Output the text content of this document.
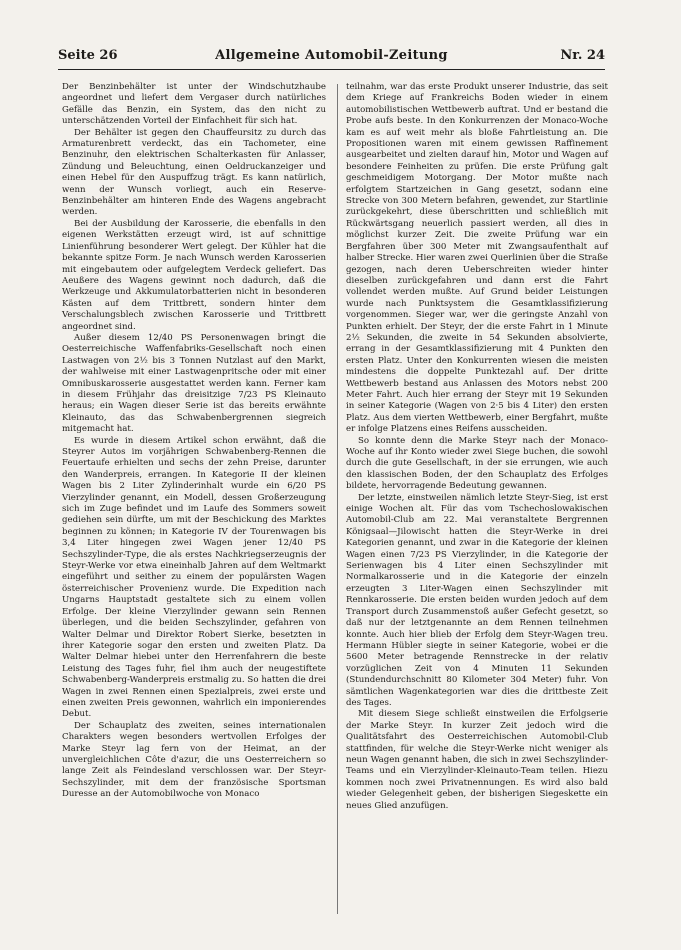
Seite 26	Allgemeine Automobil-Zeitung	Nr. 24

Der Benzinbehälter ist unter der Windschutzhaube angeordnet und liefert dem Vergaser durch natürliches Gefälle das Benzin, ein System, das den nicht zu unterschätzenden Vorteil der Einfachheit für sich hat.

Der Behälter ist gegen den Chauffeursitz zu durch das Armaturenbrett verdeckt, das ein Tachometer, eine Benzinuhr, den elektrischen Schalterkasten für Anlasser, Zündung und Beleuchtung, einen Oeldruckanzeiger und einen Hebel für den Auspuffzug trägt. Es kann natürlich, wenn der Wunsch vorliegt, auch ein Reserve-Benzinbehälter am hinteren Ende des Wagens angebracht werden.

Bei der Ausbildung der Karosserie, die ebenfalls in den eigenen Werkstätten erzeugt wird, ist auf schnittige Linienführung besonderer Wert gelegt. Der Kühler hat die bekannte spitze Form. Je nach Wunsch werden Karosserien mit eingebautem oder aufgelegtem Verdeck geliefert. Das Aeußere des Wagens gewinnt noch dadurch, daß die Werkzeuge und Akkumulatorbatterien nicht in besonderen Kästen auf dem Trittbrett, sondern hinter dem Verschalungsblech zwischen Karosserie und Trittbrett angeordnet sind.

Außer diesem 12/40 PS Personenwagen bringt die Oesterreichische Waffenfabriks-Gesellschaft noch einen Lastwagen von 2½ bis 3 Tonnen Nutzlast auf den Markt, der wahlweise mit einer Lastwagenpritsche oder mit einer Omnibuskarosserie ausgestattet werden kann. Ferner kam in diesem Frühjahr das dreisitzige 7/23 PS Kleinauto heraus; ein Wagen dieser Serie ist das bereits erwähnte Kleinauto, das das Schwabenbergrennen siegreich mitgemacht hat.

Es wurde in diesem Artikel schon erwähnt, daß die Steyrer Autos im vorjährigen Schwabenberg-Rennen die Feuertaufe erhielten und sechs der zehn Preise, darunter den Wanderpreis, errangen. In Kategorie II der kleinen Wagen bis 2 Liter Zylinderinhalt wurde ein 6/20 PS Vierzylinder genannt, ein Modell, dessen Großerzeugung sich im Zuge befindet und im Laufe des Sommers soweit gediehen sein dürfte, um mit der Beschickung des Marktes beginnen zu können; in Kategorie IV der Tourenwagen bis 3,4 Liter hingegen zwei Wagen jener 12/40 PS Sechszylinder-Type, die als erstes Nachkriegserzeugnis der Steyr-Werke vor etwa eineinhalb Jahren auf dem Weltmarkt eingeführt und seither zu einem der populärsten Wagen österreichischer Provenienz wurde. Die Expedition nach Ungarns Hauptstadt gestaltete sich zu einem vollen Erfolge. Der kleine Vierzylinder gewann sein Rennen überlegen, und die beiden Sechszylinder, gefahren von Walter Delmar und Direktor Robert Sierke, besetzten in ihrer Kategorie sogar den ersten und zweiten Platz. Da Walter Delmar hiebei unter den Herrenfahrern die beste Leistung des Tages fuhr, fiel ihm auch der neugestiftete Schwabenberg-Wanderpreis erstmalig zu. So hatten die drei Wagen in zwei Rennen einen Spezialpreis, zwei erste und einen zweiten Preis gewonnen, wahrlich ein imponierendes Debut.

Der Schauplatz des zweiten, seines internationalen Charakters wegen besonders wertvollen Erfolges der Marke Steyr lag fern von der Heimat, an der unvergleichlichen Côte d'azur, die uns Oesterreichern so lange Zeit als Feindesland verschlossen war. Der Steyr-Sechszylinder, mit dem der französische Sportsman Duresse an der Automobilwoche von Monaco

teilnahm, war das erste Produkt unserer Industrie, das seit dem Kriege auf Frankreichs Boden wieder in einem automobilistischen Wettbewerb auftrat. Und er bestand die Probe aufs beste. In den Konkurrenzen der Monaco-Woche kam es auf weit mehr als bloße Fahrtleistung an. Die Propositionen waren mit einem gewissen Raffinement ausgearbeitet und zielten darauf hin, Motor und Wagen auf besondere Feinheiten zu prüfen. Die erste Prüfung galt geschmeidigem Motorgang. Der Motor mußte nach erfolgtem Startzeichen in Gang gesetzt, sodann eine Strecke von 300 Metern befahren, gewendet, zur Startlinie zurückgekehrt, diese überschritten und schließlich mit Rückwärtsgang neuerlich passiert werden, all dies in möglichst kurzer Zeit. Die zweite Prüfung war ein Bergfahren über 300 Meter mit Zwangsaufenthalt auf halber Strecke. Hier waren zwei Querlinien über die Straße gezogen, nach deren Ueberschreiten wieder hinter dieselben zurückgefahren und dann erst die Fahrt vollendet werden mußte. Auf Grund beider Leistungen wurde nach Punktsystem die Gesamtklassifizierung vorgenommen. Sieger war, wer die geringste Anzahl von Punkten erhielt. Der Steyr, der die erste Fahrt in 1 Minute 2½ Sekunden, die zweite in 54 Sekunden absolvierte, errang in der Gesamtklassifizierung mit 4 Punkten den ersten Platz. Unter den Konkurrenten wiesen die meisten mindestens die doppelte Punktezahl auf. Der dritte Wettbewerb bestand aus Anlassen des Motors nebst 200 Meter Fahrt. Auch hier errang der Steyr mit 19 Sekunden in seiner Kategorie (Wagen von 2·5 bis 4 Liter) den ersten Platz. Aus dem vierten Wettbewerb, einer Bergfahrt, mußte er infolge Platzens eines Reifens ausscheiden.

So konnte denn die Marke Steyr nach der Monaco-Woche auf ihr Konto wieder zwei Siege buchen, die sowohl durch die gute Gesellschaft, in der sie errungen, wie auch den klassischen Boden, der den Schauplatz des Erfolges bildete, hervorragende Bedeutung gewannen.

Der letzte, einstweilen nämlich letzte Steyr-Sieg, ist erst einige Wochen alt. Für das vom Tschechoslowakischen Automobil-Club am 22. Mai veranstaltete Bergrennen Königsaal—Jilowischt hatten die Steyr-Werke in drei Kategorien genannt, und zwar in die Kategorie der kleinen Wagen einen 7/23 PS Vierzylinder, in die Kategorie der Serienwagen bis 4 Liter einen Sechszylinder mit Normalkarosserie und in die Kategorie der einzeln erzeugten 3 Liter-Wagen einen Sechszylinder mit Rennkarosserie. Die ersten beiden wurden jedoch auf dem Transport durch Zusammenstoß außer Gefecht gesetzt, so daß nur der letztgenannte an dem Rennen teilnehmen konnte. Auch hier blieb der Erfolg dem Steyr-Wagen treu. Hermann Hübler siegte in seiner Kategorie, wobei er die 5600 Meter betragende Rennstrecke in der relativ vorzüglichen Zeit von 4 Minuten 11 Sekunden (Stundendurchschnitt 80 Kilometer 304 Meter) fuhr. Von sämtlichen Wagenkategorien war dies die drittbeste Zeit des Tages.

Mit diesem Siege schließt einstweilen die Erfolgserie der Marke Steyr. In kurzer Zeit jedoch wird die Qualitätsfahrt des Oesterreichischen Automobil-Club stattfinden, für welche die Steyr-Werke nicht weniger als neun Wagen genannt haben, die sich in zwei Sechszylinder-Teams und ein Vierzylinder-Kleinauto-Team teilen. Hiezu kommen noch zwei Privatnennungen. Es wird also bald wieder Gelegenheit geben, der bisherigen Siegeskette ein neues Glied anzufügen.
